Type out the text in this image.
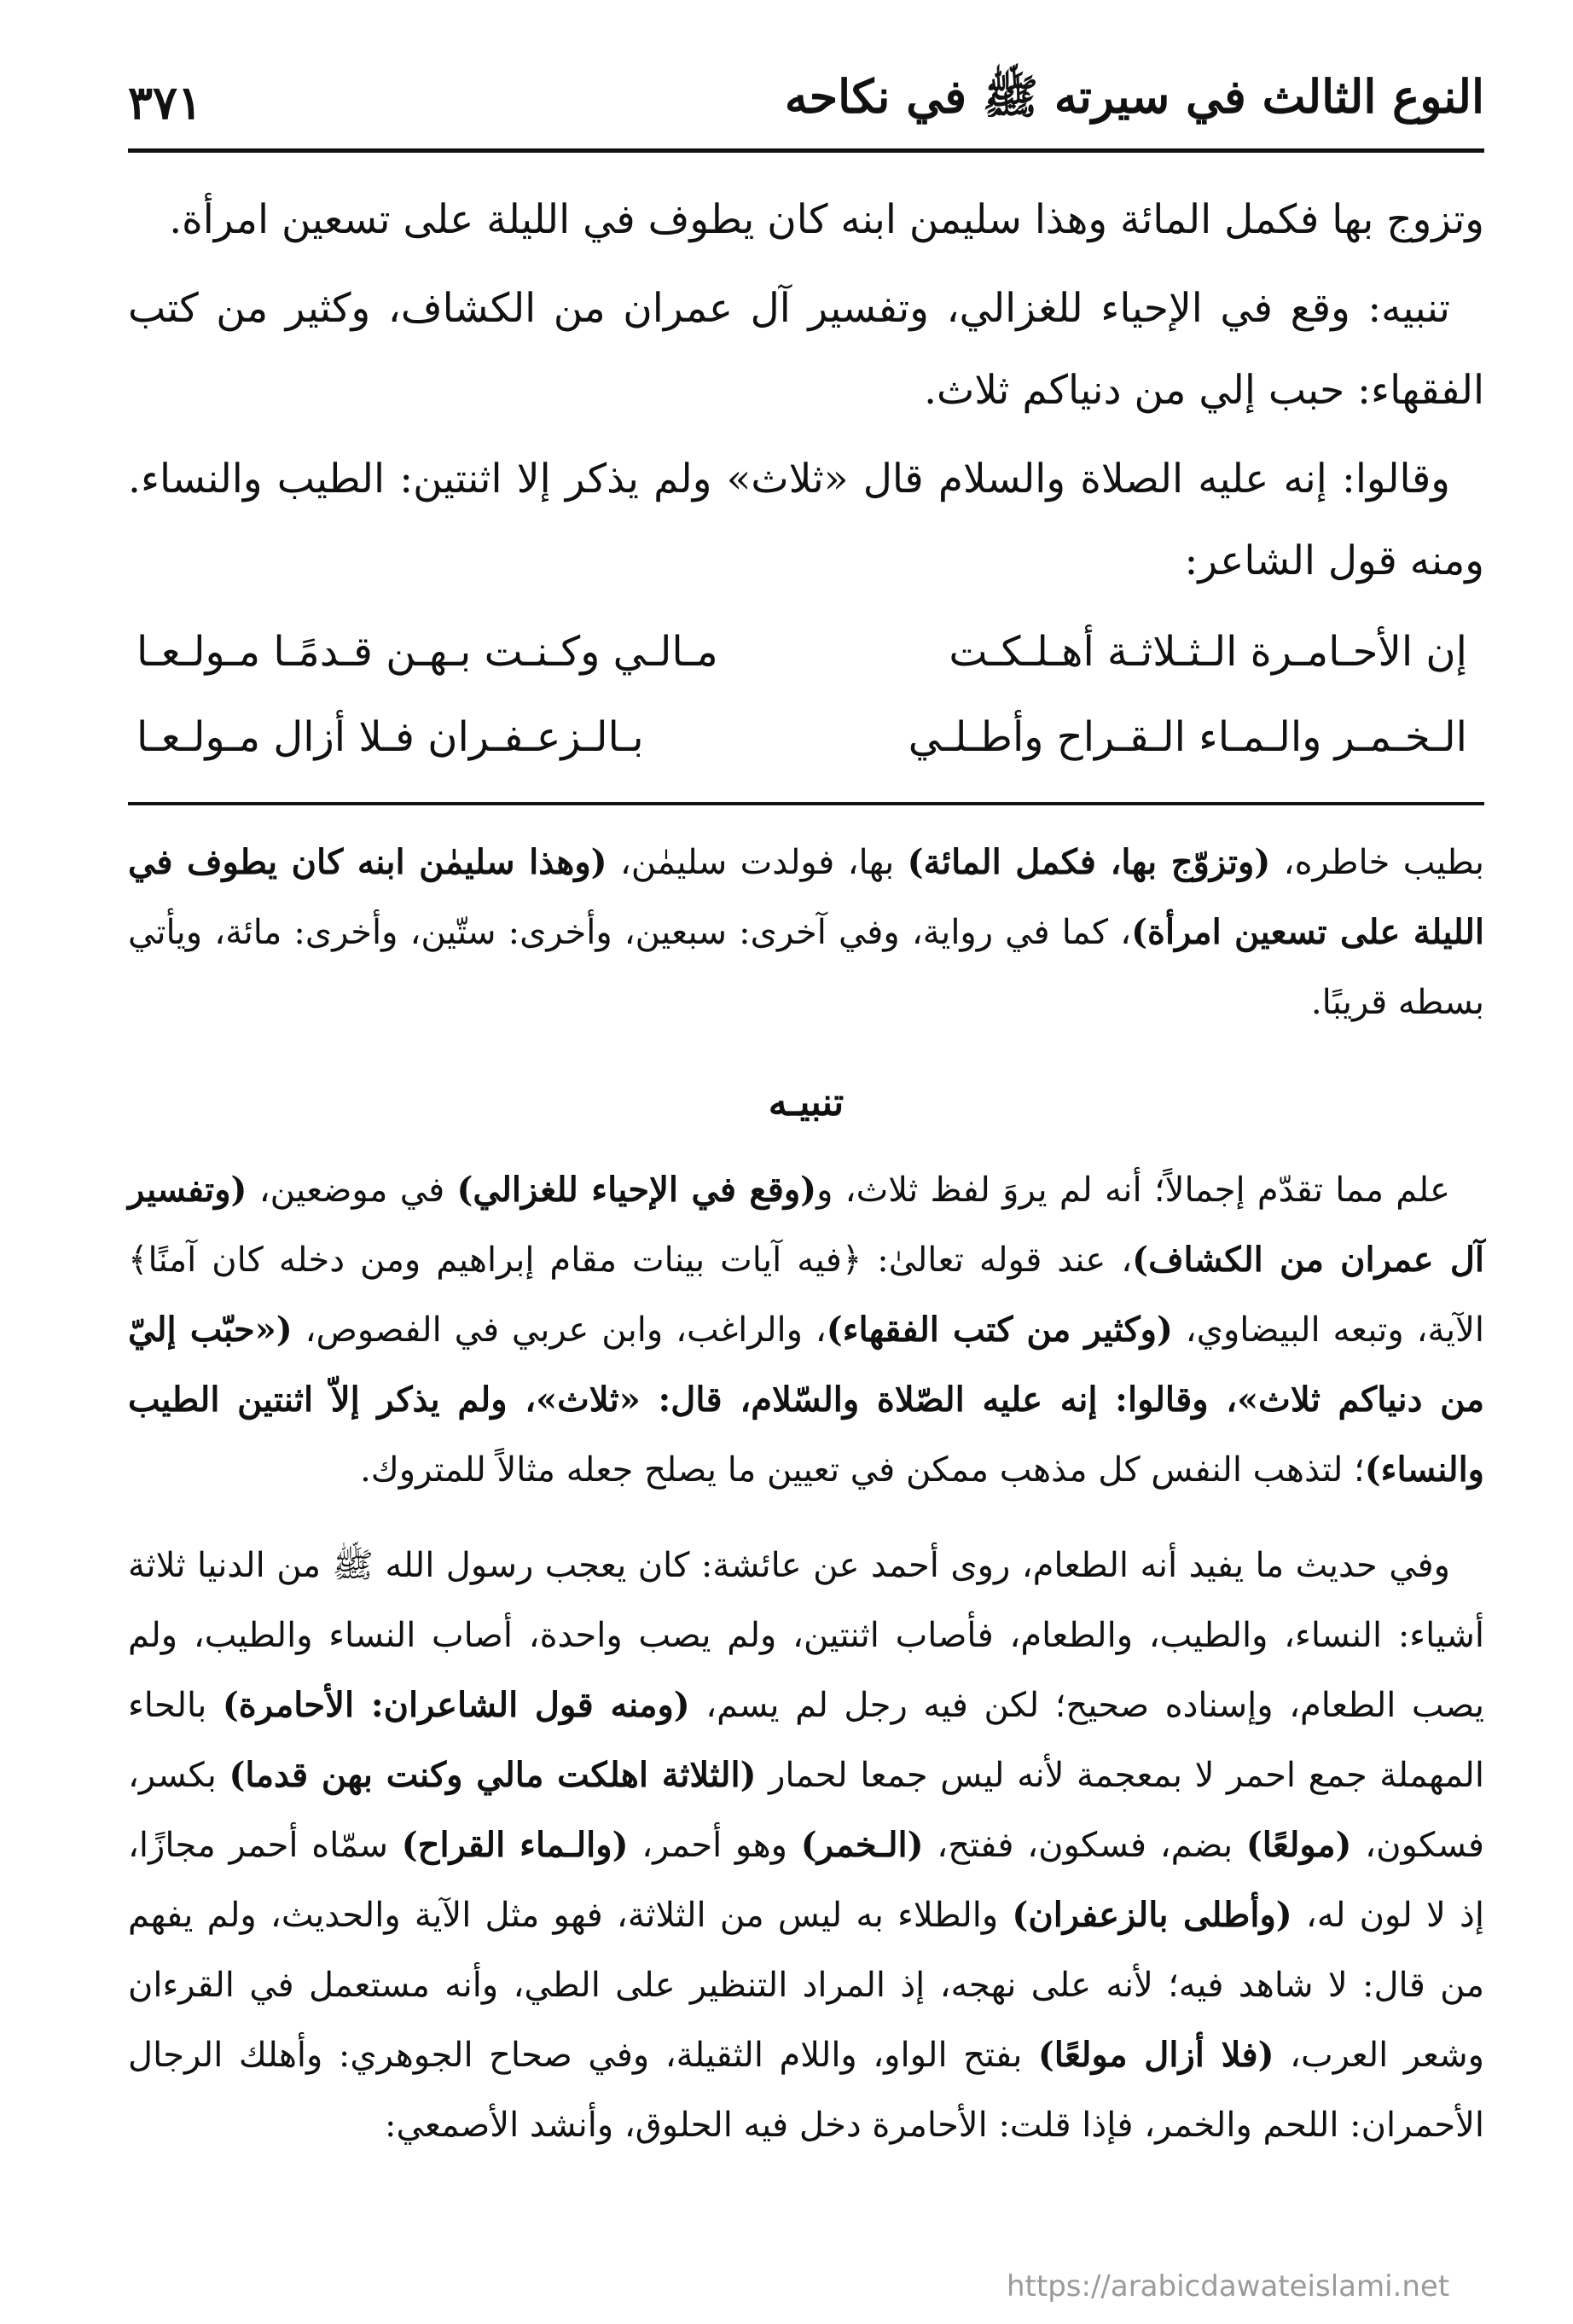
النوع الثالث في سيرته ﷺ في نكاحه
٣٧١

وتزوج بها فكمل المائة وهذا سليمن ابنه كان يطوف في الليلة على تسعين امرأة.

تنبيه: وقع في الإحياء للغزالي، وتفسير آل عمران من الكشاف، وكثير من كتب الفقهاء: حبب إلي من دنياكم ثلاث.

وقالوا: إنه عليه الصلاة والسلام قال «ثلاث» ولم يذكر إلا اثنتين: الطيب والنساء. ومنه قول الشاعر:

إن الأحـامـرة الـثـلاثـة أهـلـكـت
مـالـي وكـنـت بـهـن قـدمًـا مـولـعـا
الـخـمـر والـمـاء الـقـراح وأطـلـي
بـالـزعـفـران فـلا أزال مـولـعـا

بطيب خاطره، (وتزوّج بها، فكمل المائة) بها، فولدت سليمٰن، (وهذا سليمٰن ابنه كان يطوف في الليلة على تسعين امرأة)، كما في رواية، وفي آخرى: سبعين، وأخرى: ستّين، وأخرى: مائة، ويأتي بسطه قريبًا.

تنبيـه

علم مما تقدّم إجمالاً؛ أنه لم يروَ لفظ ثلاث، و(وقع في الإحياء للغزالي) في موضعين، (وتفسير آل عمران من الكشاف)، عند قوله تعالىٰ: ﴿فيه آيات بينات مقام إبراهيم ومن دخله كان آمنًا﴾ الآية، وتبعه البيضاوي، (وكثير من كتب الفقهاء)، والراغب، وابن عربي في الفصوص، («حبّب إليّ من دنياكم ثلاث»، وقالوا: إنه عليه الصّلاة والسّلام، قال: «ثلاث»، ولم يذكر إلاّ اثنتين الطيب والنساء)؛ لتذهب النفس كل مذهب ممكن في تعيين ما يصلح جعله مثالاً للمتروك.

وفي حديث ما يفيد أنه الطعام، روى أحمد عن عائشة: كان يعجب رسول الله ﷺ من الدنيا ثلاثة أشياء: النساء، والطيب، والطعام، فأصاب اثنتين، ولم يصب واحدة، أصاب النساء والطيب، ولم يصب الطعام، وإسناده صحيح؛ لكن فيه رجل لم يسم، (ومنه قول الشاعران: الأحامرة) بالحاء المهملة جمع احمر لا بمعجمة لأنه ليس جمعا لحمار (الثلاثة اهلكت مالي وكنت بهن قدما) بكسر، فسكون، (مولعًا) بضم، فسكون، ففتح، (الـخمر) وهو أحمر، (والـماء القراح) سمّاه أحمر مجازًا، إذ لا لون له، (وأطلى بالزعفران) والطلاء به ليس من الثلاثة، فهو مثل الآية والحديث، ولم يفهم من قال: لا شاهد فيه؛ لأنه على نهجه، إذ المراد التنظير على الطي، وأنه مستعمل في القرءان وشعر العرب، (فلا أزال مولعًا) بفتح الواو، واللام الثقيلة، وفي صحاح الجوهري: وأهلك الرجال الأحمران: اللحم والخمر، فإذا قلت: الأحامرة دخل فيه الحلوق، وأنشد الأصمعي:

https://arabicdawateislami.net
